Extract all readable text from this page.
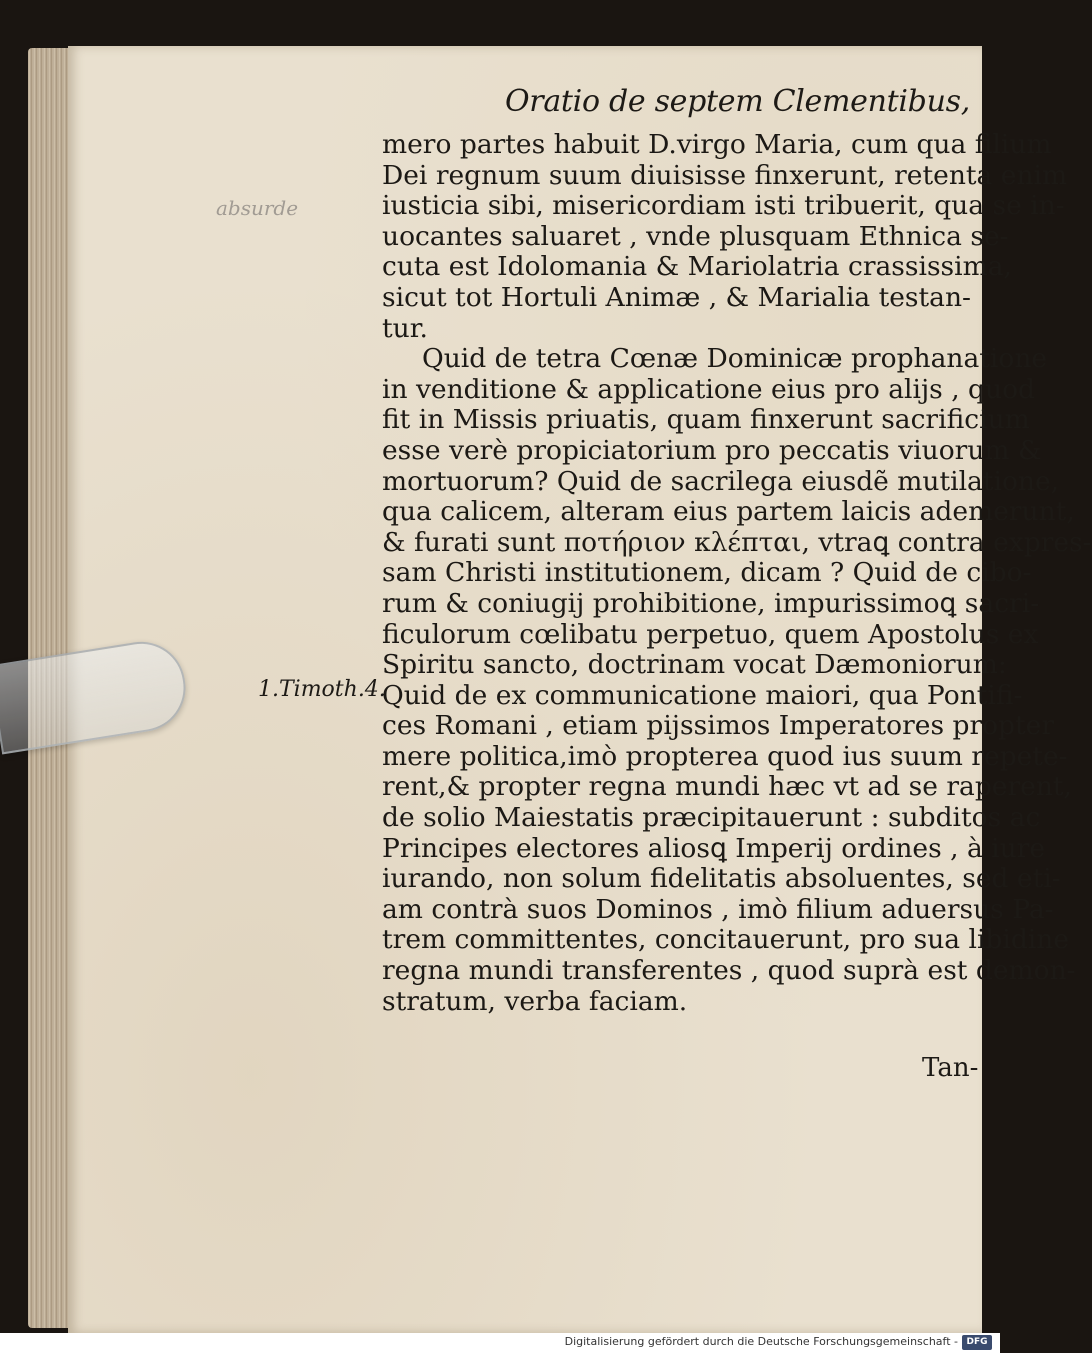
absurde
Oratio de septem Clementibus,
mero partes habuit D.virgo Maria, cum qua filium
Dei regnum suum diuisisse finxerunt, retenta enim
iusticia sibi, misericordiam isti tribuerit, qua se in-
uocantes saluaret , vnde plusquam Ethnica se-
cuta est Idolomania & Mariolatria crassissima,
sicut tot Hortuli Animæ , & Marialia testan-
tur.
Quid de tetra Cœnæ Dominicæ prophanatione
in venditione & applicatione eius pro alijs , quod
fit in Missis priuatis, quam finxerunt sacrificium
esse verè propiciatorium pro peccatis viuorum &
mortuorum? Quid de sacrilega eiusdẽ mutilatione,
qua calicem, alteram eius partem laicis ademerunt,
& furati sunt ποτήριον κλέπται, vtraꝗ contra expres-
sam Christi institutionem, dicam ? Quid de cibo-
rum & coniugij prohibitione, impurissimoꝗ sacri-
ficulorum cœlibatu perpetuo, quem Apostolus ex
Spiritu sancto, doctrinam vocat Dæmoniorum:
Quid de ex communicatione maiori, qua Pontifi-
ces Romani , etiam pijssimos Imperatores propter
mere politica,imò propterea quod ius suum repete-
rent,& propter regna mundi hæc vt ad se raperent,
de solio Maiestatis præcipitauerunt : subditos ac
Principes electores aliosꝗ Imperij ordines , à iure
iurando, non solum fidelitatis absoluentes, sed eti-
am contrà suos Dominos , imò filium aduersus Pa-
trem committentes, concitauerunt, pro sua libidine
regna mundi transferentes , quod suprà est demon-
stratum, verba faciam.
1.Timoth.4.
Tan-
Digitalisierung gefördert durch die Deutsche Forschungsgemeinschaft - DFG
